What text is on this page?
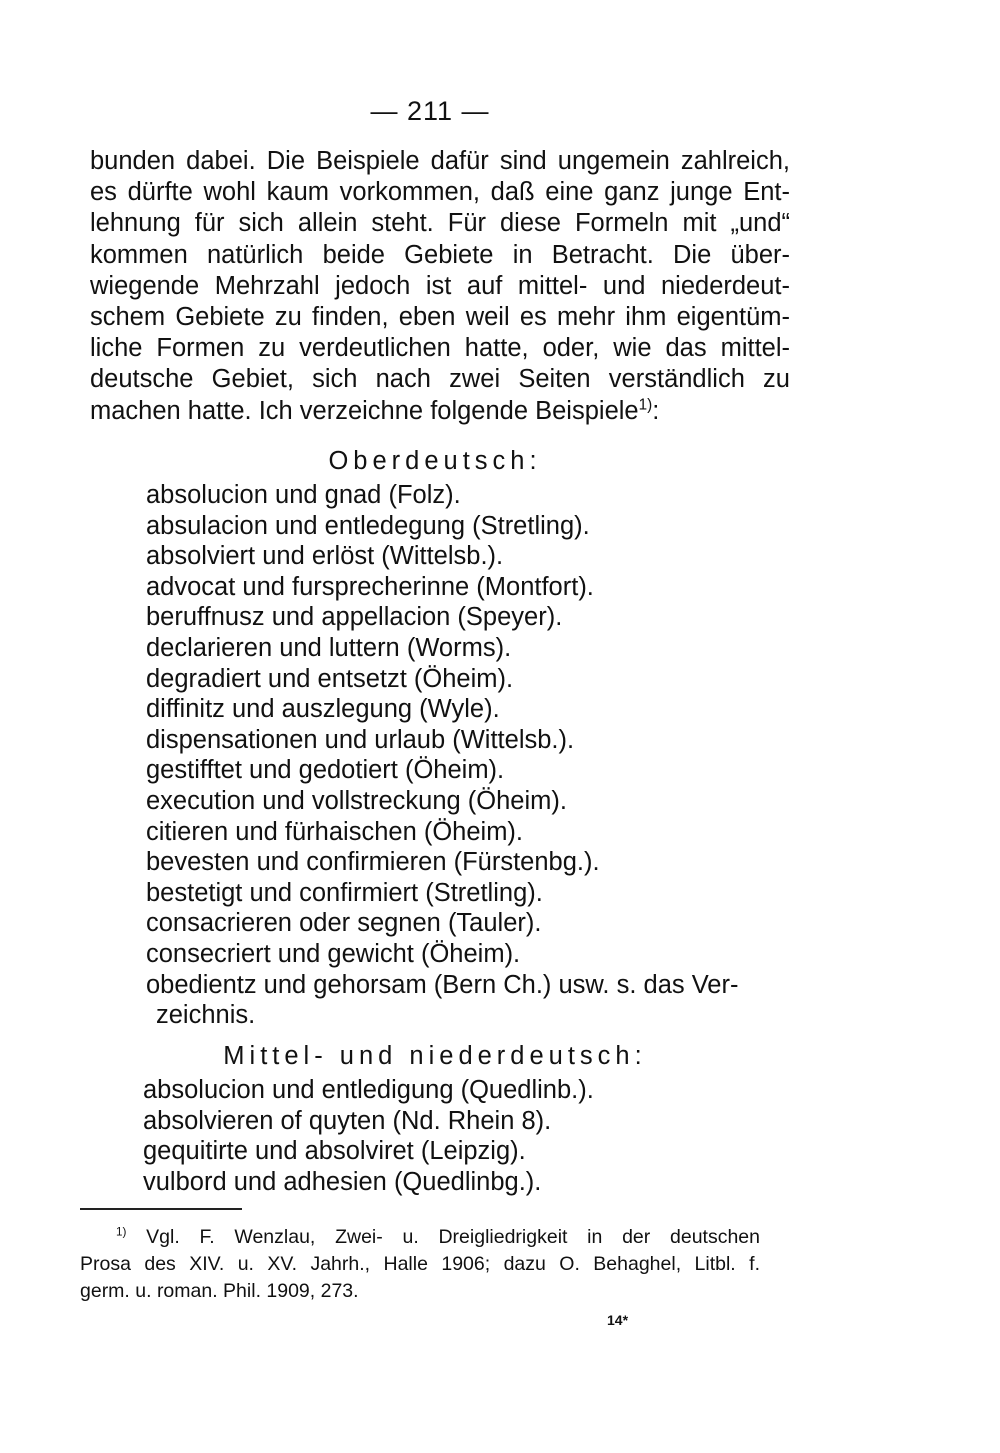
— 211 —
bunden dabei. Die Beispiele dafür sind ungemein zahlreich,
es dürfte wohl kaum vorkommen, daß eine ganz junge Ent-
lehnung für sich allein steht. Für diese Formeln mit „und“
kommen natürlich beide Gebiete in Betracht. Die über-
wiegende Mehrzahl jedoch ist auf mittel- und niederdeut-
schem Gebiete zu finden, eben weil es mehr ihm eigentüm-
liche Formen zu verdeutlichen hatte, oder, wie das mittel-
deutsche Gebiet, sich nach zwei Seiten verständlich zu
machen hatte. Ich verzeichne folgende Beispiele$^{1)}$:
Oberdeutsch:
absolucion und gnad (Folz).
absulacion und entledegung (Stretling).
absolviert und erlöst (Wittelsb.).
advocat und fursprecherinne (Montfort).
beruffnusz und appellacion (Speyer).
declarieren und luttern (Worms).
degradiert und entsetzt (Öheim).
diffinitz und auszlegung (Wyle).
dispensationen und urlaub (Wittelsb.).
gestifftet und gedotiert (Öheim).
execution und vollstreckung (Öheim).
citieren und fürhaischen (Öheim).
bevesten und confirmieren (Fürstenbg.).
bestetigt und confirmiert (Stretling).
consacrieren oder segnen (Tauler).
consecriert und gewicht (Öheim).
obedientz und gehorsam (Bern Ch.) usw. s. das Ver-
zeichnis.
Mittel- und niederdeutsch:
absolucion und entledigung (Quedlinb.).
absolvieren of quyten (Nd. Rhein 8).
gequitirte und absolviret (Leipzig).
vulbord und adhesien (Quedlinbg.).
$^{1)}$ Vgl. F. Wenzlau, Zwei- u. Dreigliedrigkeit in der deutschen
Prosa des XIV. u. XV. Jahrh., Halle 1906; dazu O. Behaghel, Litbl. f.
germ. u. roman. Phil. 1909, 273.
14*
